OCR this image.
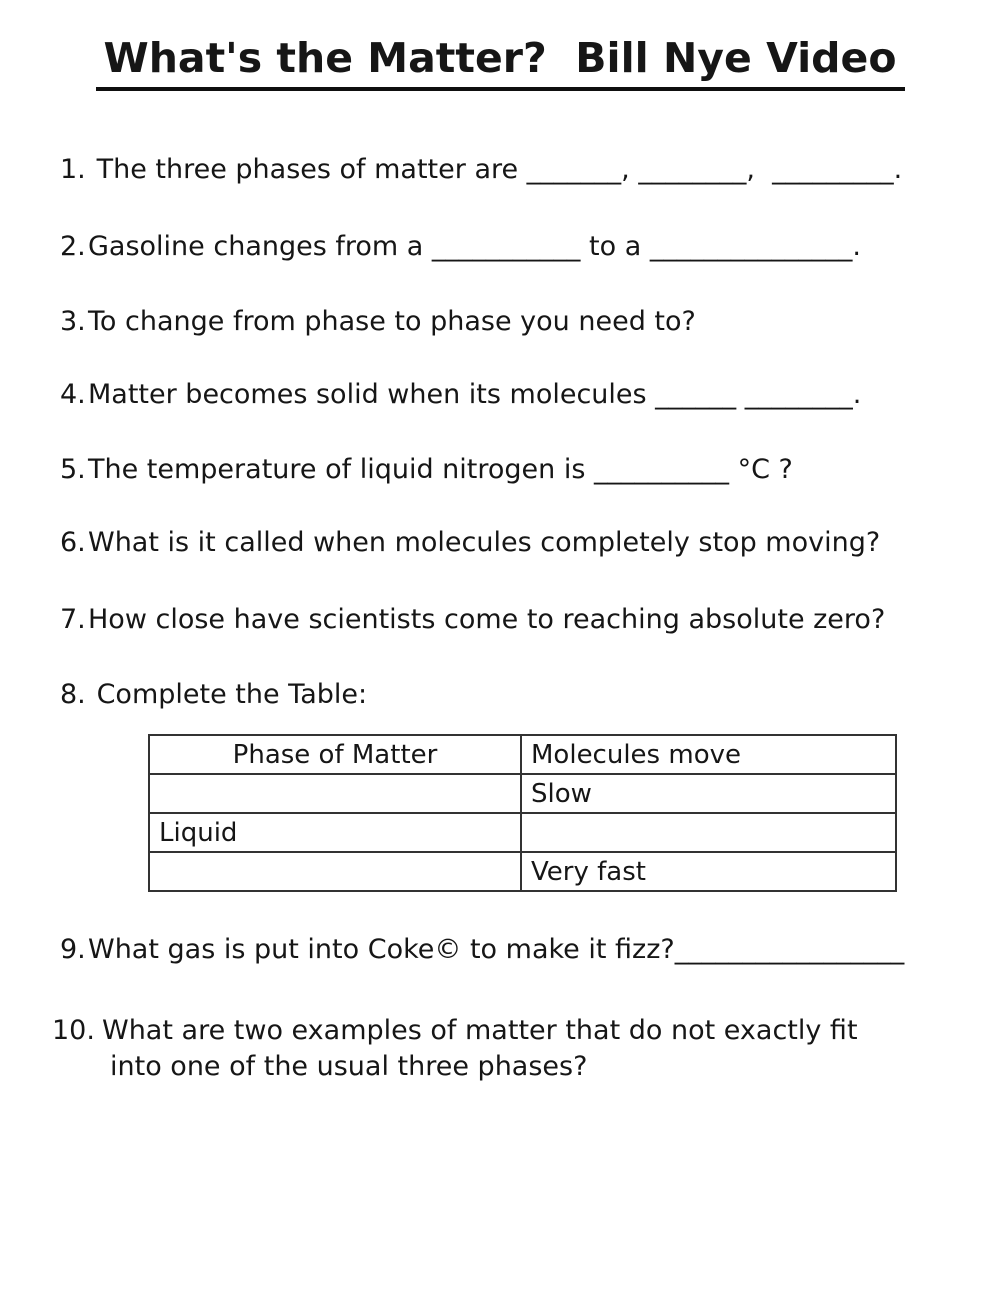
What's the Matter?  Bill Nye Video
1. The three phases of matter are _______, ________,  _________.
2.Gasoline changes from a ___________ to a _______________.
3.To change from phase to phase you need to?
4.Matter becomes solid when its molecules ______ ________.
5.The temperature of liquid nitrogen is __________ °C ?
6.What is it called when molecules completely stop moving?
7.How close have scientists come to reaching absolute zero?
8. Complete the Table:
Phase of Matter	Molecules move
	Slow
Liquid	
	Very fast
9.What gas is put into Coke© to make it fizz?_________________
10. What are two examples of matter that do not exactly fit
into one of the usual three phases?
